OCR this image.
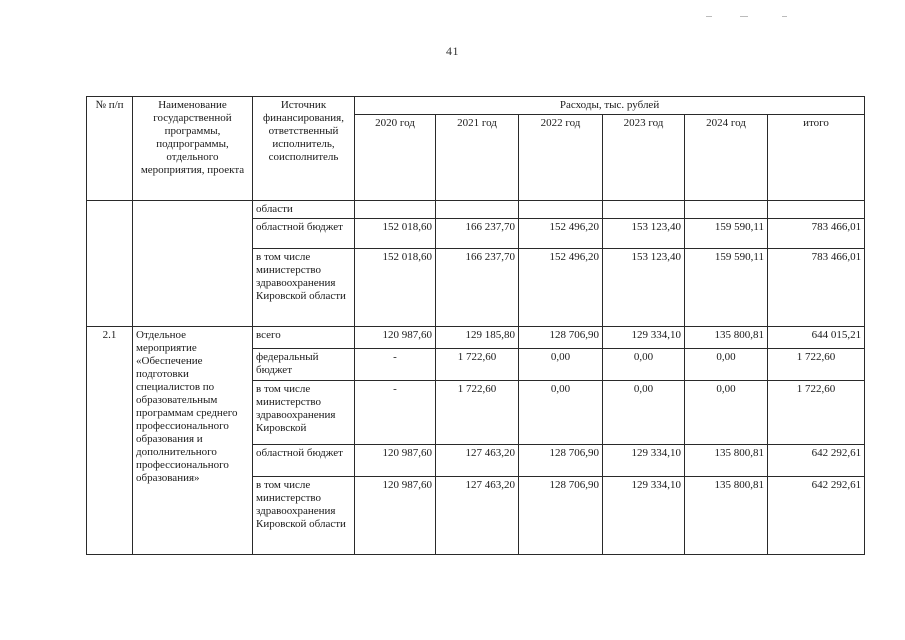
41
№ п/п	Наименование государственной программы, подпрограммы, отдельного мероприятия, проекта	Источник финансирования, ответственный исполнитель, соисполнитель	Расходы, тыс. рублей					
			2020 год	2021 год	2022 год	2023 год	2024 год	итого
		области						
		областной бюджет	152 018,60	166 237,70	152 496,20	153 123,40	159 590,11	783 466,01
		в том числе министерство здравоохранения Кировской области	152 018,60	166 237,70	152 496,20	153 123,40	159 590,11	783 466,01
2.1	Отдельное мероприятие «Обеспечение подготовки специалистов по образовательным программам среднего профессионального образования и дополнительного профессионального образования»	всего	120 987,60	129 185,80	128 706,90	129 334,10	135 800,81	644 015,21
		федеральный бюджет	-	1 722,60	0,00	0,00	0,00	1 722,60
		в том числе министерство здравоохранения Кировской	-	1 722,60	0,00	0,00	0,00	1 722,60
		областной бюджет	120 987,60	127 463,20	128 706,90	129 334,10	135 800,81	642 292,61
		в том числе министерство здравоохранения Кировской области	120 987,60	127 463,20	128 706,90	129 334,10	135 800,81	642 292,61
